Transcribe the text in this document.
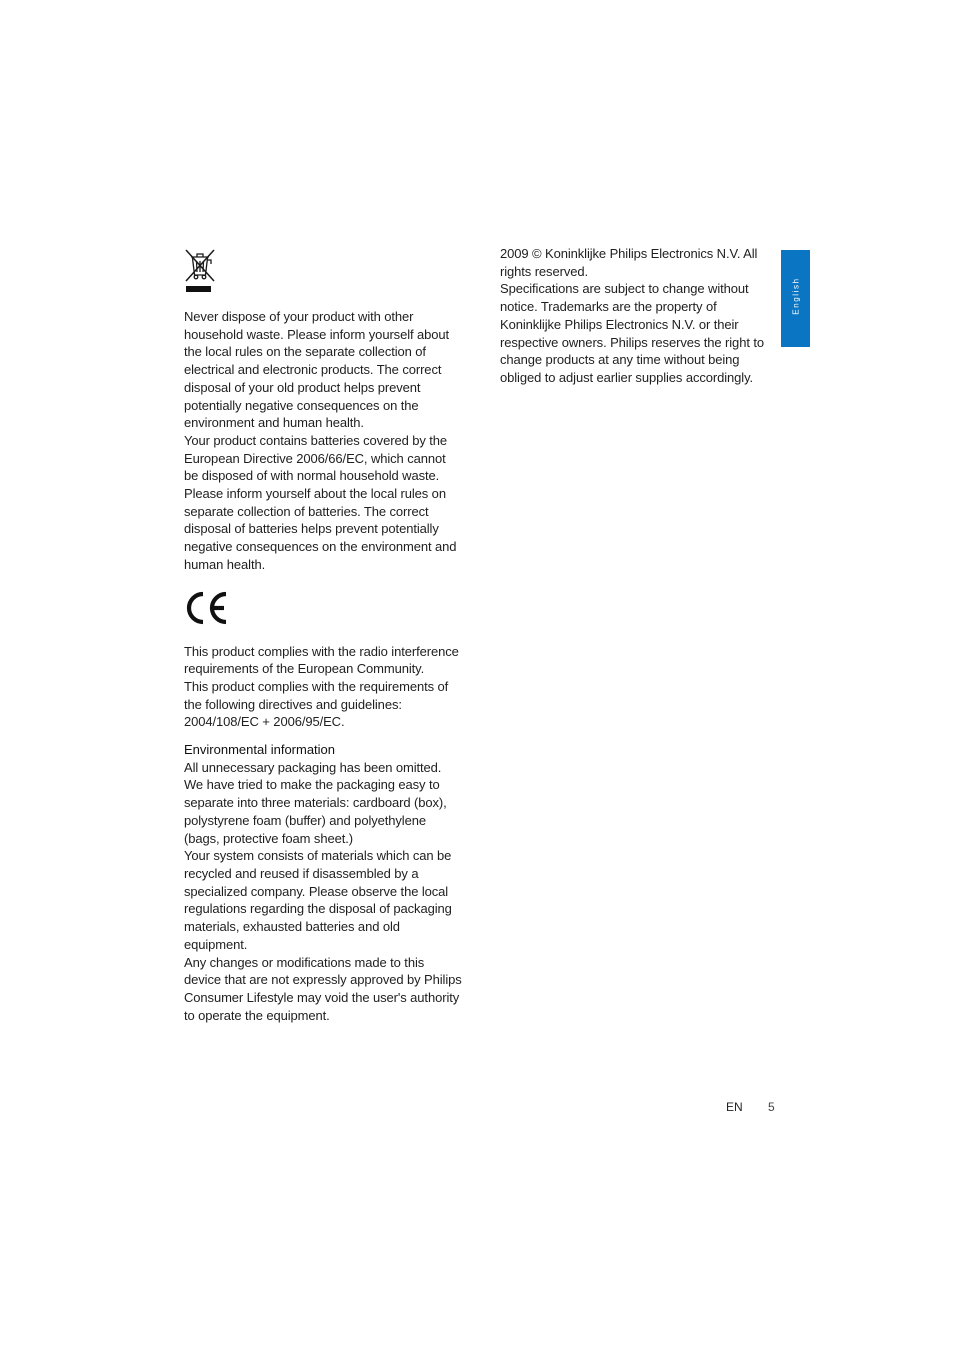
Never dispose of your product with other household waste. Please inform yourself about the local rules on the separate collection of electrical and electronic products. The correct disposal of your old product helps prevent potentially negative consequences on the environment and human health.

Your product contains batteries covered by the European Directive 2006/66/EC, which cannot be disposed of with normal household waste.

Please inform yourself about the local rules on separate collection of batteries. The correct disposal of batteries helps prevent potentially negative consequences on the environment and human health.

This product complies with the radio interference requirements of the European Community.

This product complies with the requirements of the following directives and guidelines: 2004/108/EC + 2006/95/EC.

Environmental information

All unnecessary packaging has been omitted. We have tried to make the packaging easy to separate into three materials: cardboard (box), polystyrene foam (buffer) and polyethylene (bags, protective foam sheet.)

Your system consists of materials which can be recycled and reused if disassembled by a specialized company. Please observe the local regulations regarding the disposal of packaging materials, exhausted batteries and old equipment.

Any changes or modifications made to this device that are not expressly approved by Philips Consumer Lifestyle may void the user's authority to operate the equipment.

2009 © Koninklijke Philips Electronics N.V. All rights reserved.

Specifications are subject to change without notice. Trademarks are the property of Koninklijke Philips Electronics N.V. or their respective owners. Philips reserves the right to change products at any time without being obliged to adjust earlier supplies accordingly.

English
EN 5
